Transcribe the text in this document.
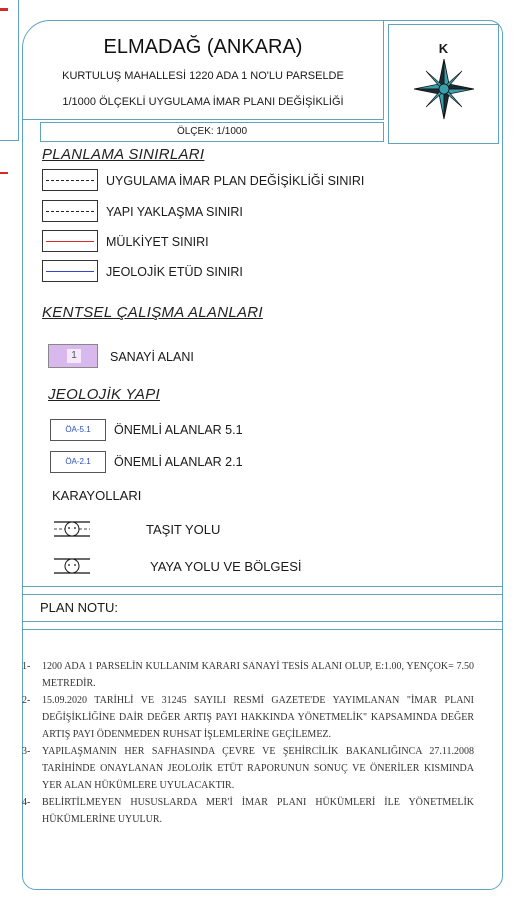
ELMADAĞ (ANKARA)
KURTULUŞ MAHALLESİ 1220 ADA 1 NO'LU PARSELDE
1/1000 ÖLÇEKLİ UYGULAMA İMAR PLANI DEĞİŞİKLİĞİ
K
ÖLÇEK: 1/1000
PLANLAMA SINIRLARI
UYGULAMA İMAR PLAN DEĞİŞİKLİĞİ SINIRI
YAPI YAKLAŞMA SINIRI
MÜLKİYET SINIRI
JEOLOJİK ETÜD SINIRI
KENTSEL ÇALIŞMA ALANLARI
1	SANAYİ ALANI
JEOLOJİK YAPI
ÖA-5.1	ÖNEMLİ ALANLAR 5.1
ÖA-2.1	ÖNEMLİ ALANLAR 2.1
KARAYOLLARI
TAŞIT YOLU
YAYA YOLU VE BÖLGESİ
PLAN NOTU:
1-	1200 ADA 1 PARSELİN KULLANIM KARARI SANAYİ TESİS ALANI OLUP, E:1.00, YENÇOK= 7.50 METREDİR.
2-	15.09.2020 TARİHLİ VE 31245 SAYILI RESMİ GAZETE'DE YAYIMLANAN "İMAR PLANI DEĞİŞİKLİĞİNE DAİR DEĞER ARTIŞ PAYI HAKKINDA YÖNETMELİK" KAPSAMINDA DEĞER ARTIŞ PAYI ÖDENMEDEN RUHSAT İŞLEMLERİNE GEÇİLEMEZ.
3-	YAPILAŞMANIN HER SAFHASINDA ÇEVRE VE ŞEHİRCİLİK BAKANLIĞINCA 27.11.2008 TARİHİNDE ONAYLANAN JEOLOJİK ETÜT RAPORUNUN SONUÇ VE ÖNERİLER KISMINDA YER ALAN HÜKÜMLERE UYULACAKTIR.
4-	BELİRTİLMEYEN HUSUSLARDA MER'İ İMAR PLANI HÜKÜMLERİ İLE YÖNETMELİK HÜKÜMLERİNE UYULUR.
